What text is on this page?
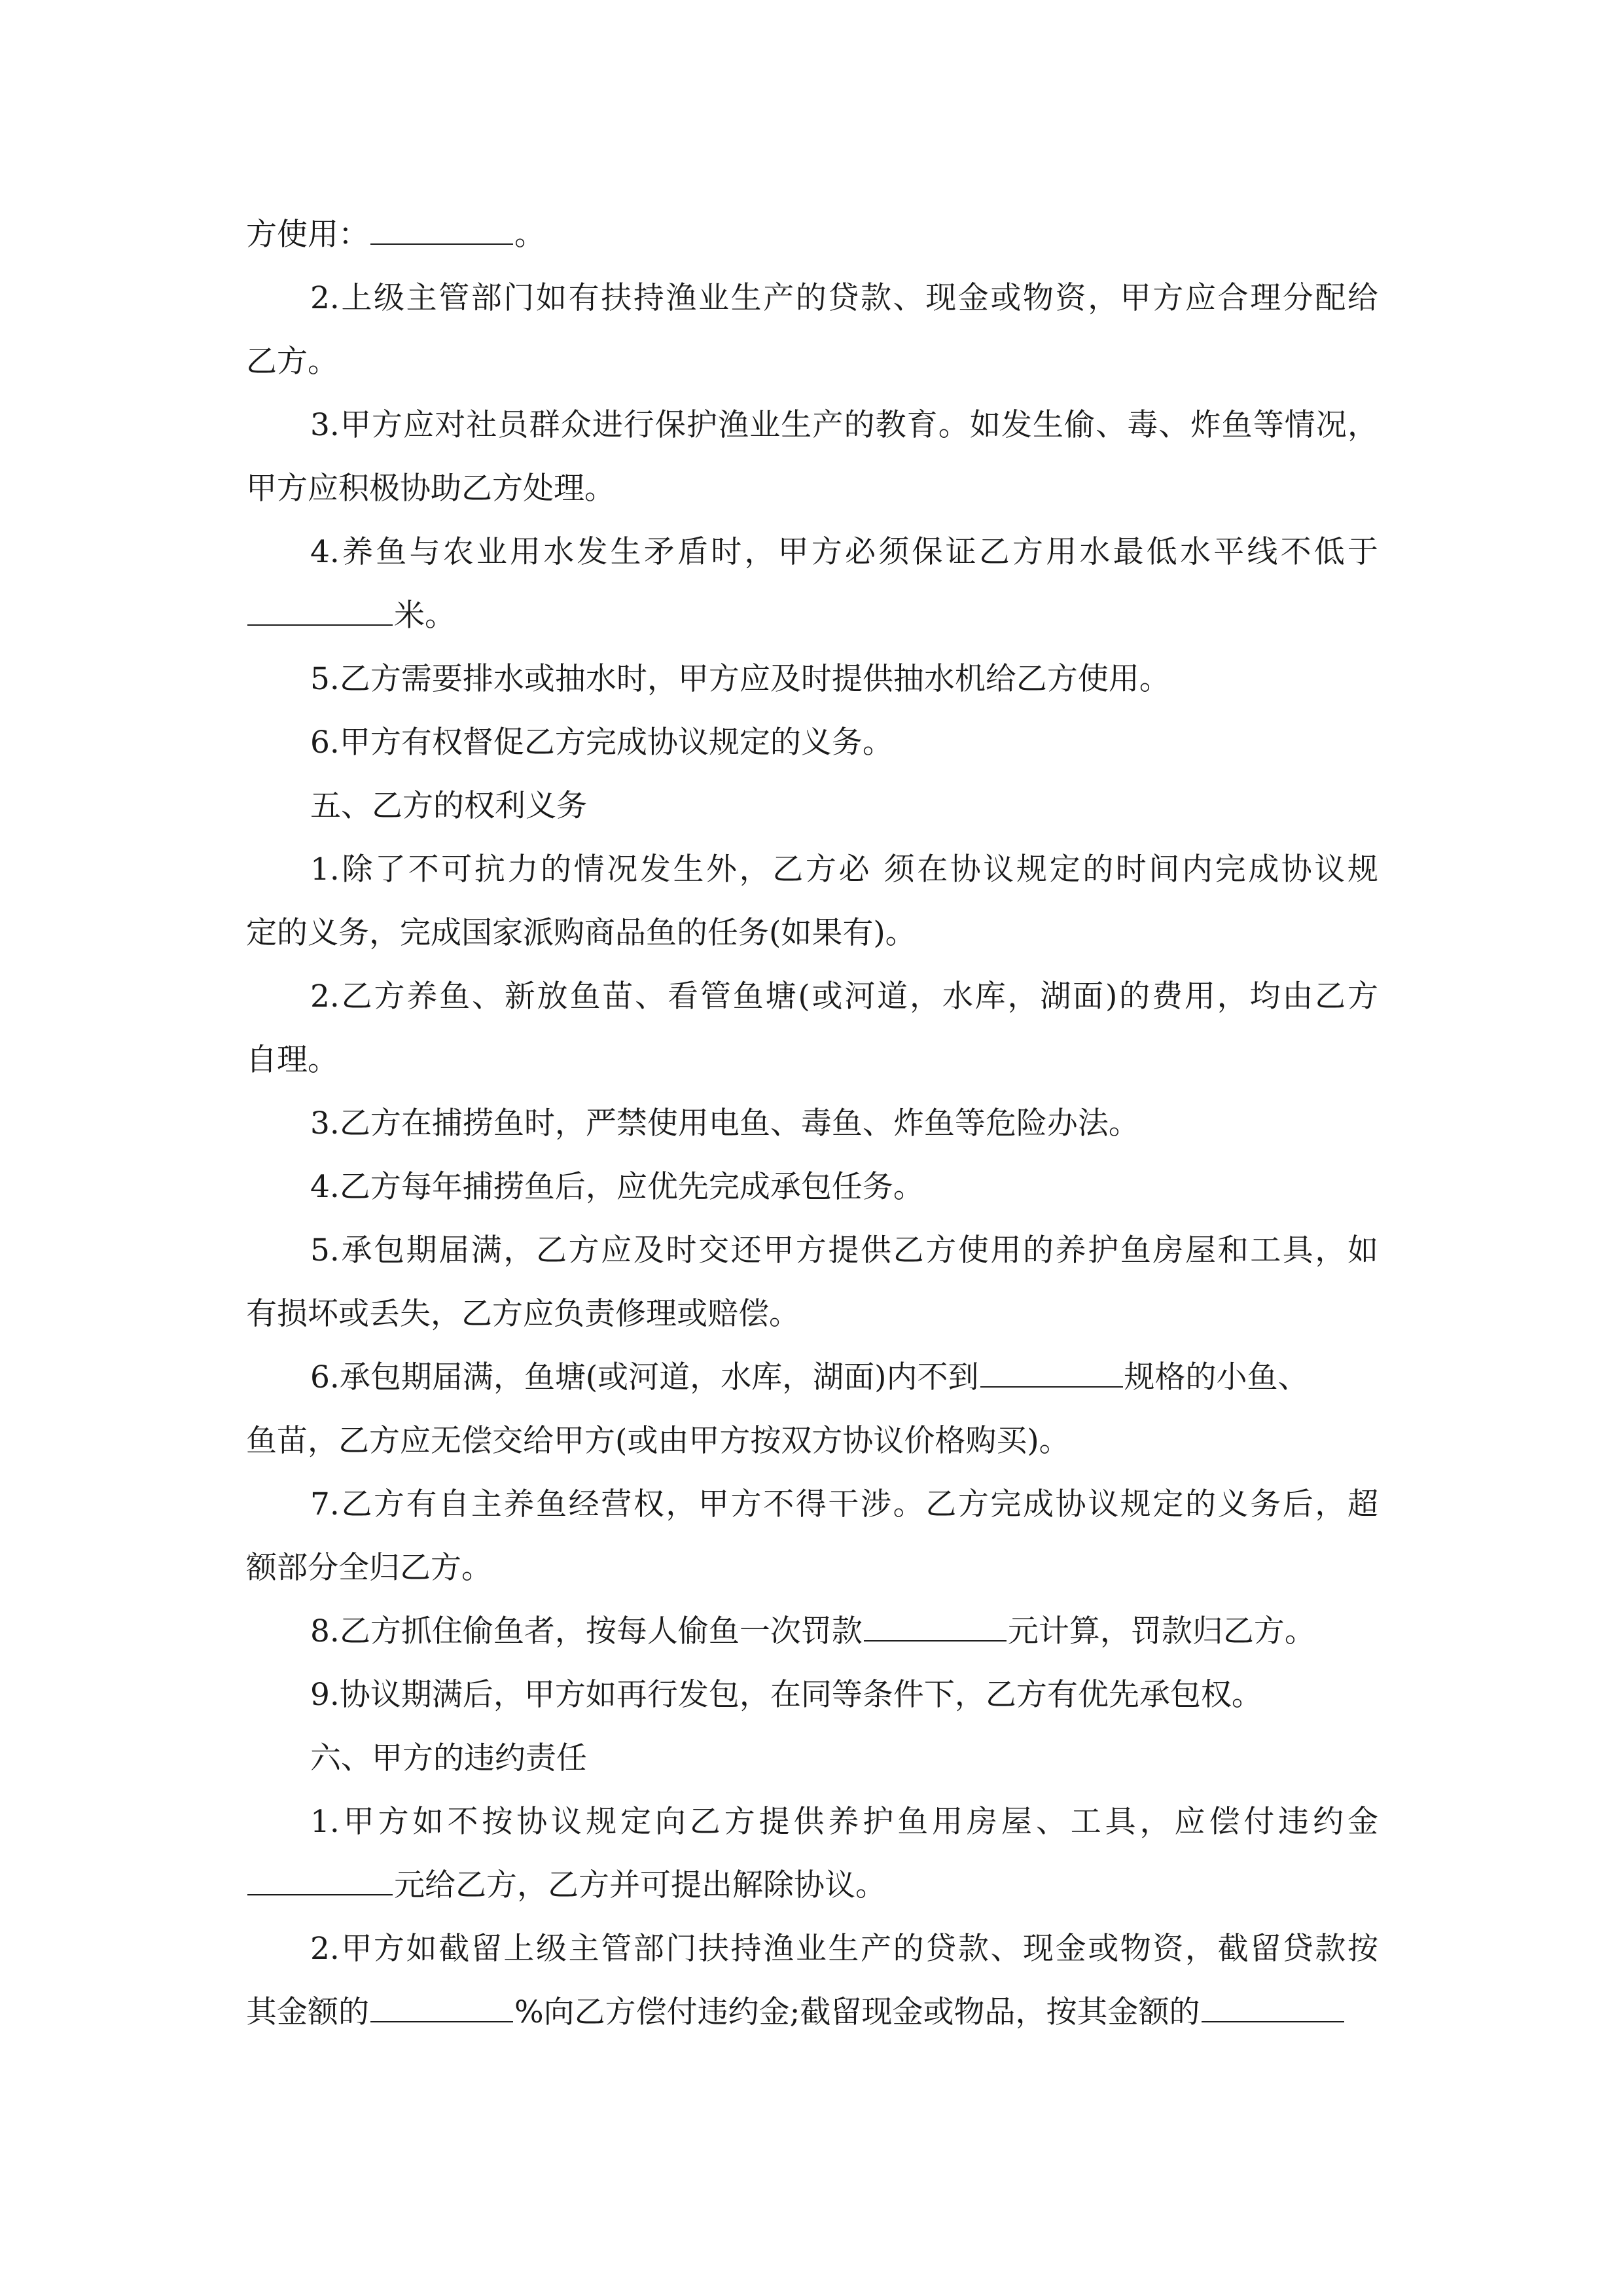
方使用：	。
2.上级主管部门如有扶持渔业生产的贷款、现金或物资，甲方应合理分配给
乙方。
3.甲方应对社员群众进行保护渔业生产的教育。如发生偷、毒、炸鱼等情况，
甲方应积极协助乙方处理。
4.养鱼与农业用水发生矛盾时，甲方必须保证乙方用水最低水平线不低于
米。
5.乙方需要排水或抽水时，甲方应及时提供抽水机给乙方使用。
6.甲方有权督促乙方完成协议规定的义务。
五、乙方的权利义务
1.除了不可抗力的情况发生外，乙方必 须在协议规定的时间内完成协议规
定的义务，完成国家派购商品鱼的任务(如果有)。
2.乙方养鱼、新放鱼苗、看管鱼塘(或河道，水库，湖面)的费用，均由乙方
自理。
3.乙方在捕捞鱼时，严禁使用电鱼、毒鱼、炸鱼等危险办法。
4.乙方每年捕捞鱼后，应优先完成承包任务。
5.承包期届满，乙方应及时交还甲方提供乙方使用的养护鱼房屋和工具，如
有损坏或丢失，乙方应负责修理或赔偿。
6.承包期届满，鱼塘(或河道，水库，湖面)内不到	规格的小鱼、
鱼苗，乙方应无偿交给甲方(或由甲方按双方协议价格购买)。
7.乙方有自主养鱼经营权，甲方不得干涉。乙方完成协议规定的义务后，超
额部分全归乙方。
8.乙方抓住偷鱼者，按每人偷鱼一次罚款	元计算，罚款归乙方。
9.协议期满后，甲方如再行发包，在同等条件下，乙方有优先承包权。
六、甲方的违约责任
1.甲方如不按协议规定向乙方提供养护鱼用房屋、工具，应偿付违约金
元给乙方，乙方并可提出解除协议。
2.甲方如截留上级主管部门扶持渔业生产的贷款、现金或物资，截留贷款按
其金额的	%向乙方偿付违约金;截留现金或物品，按其金额的
